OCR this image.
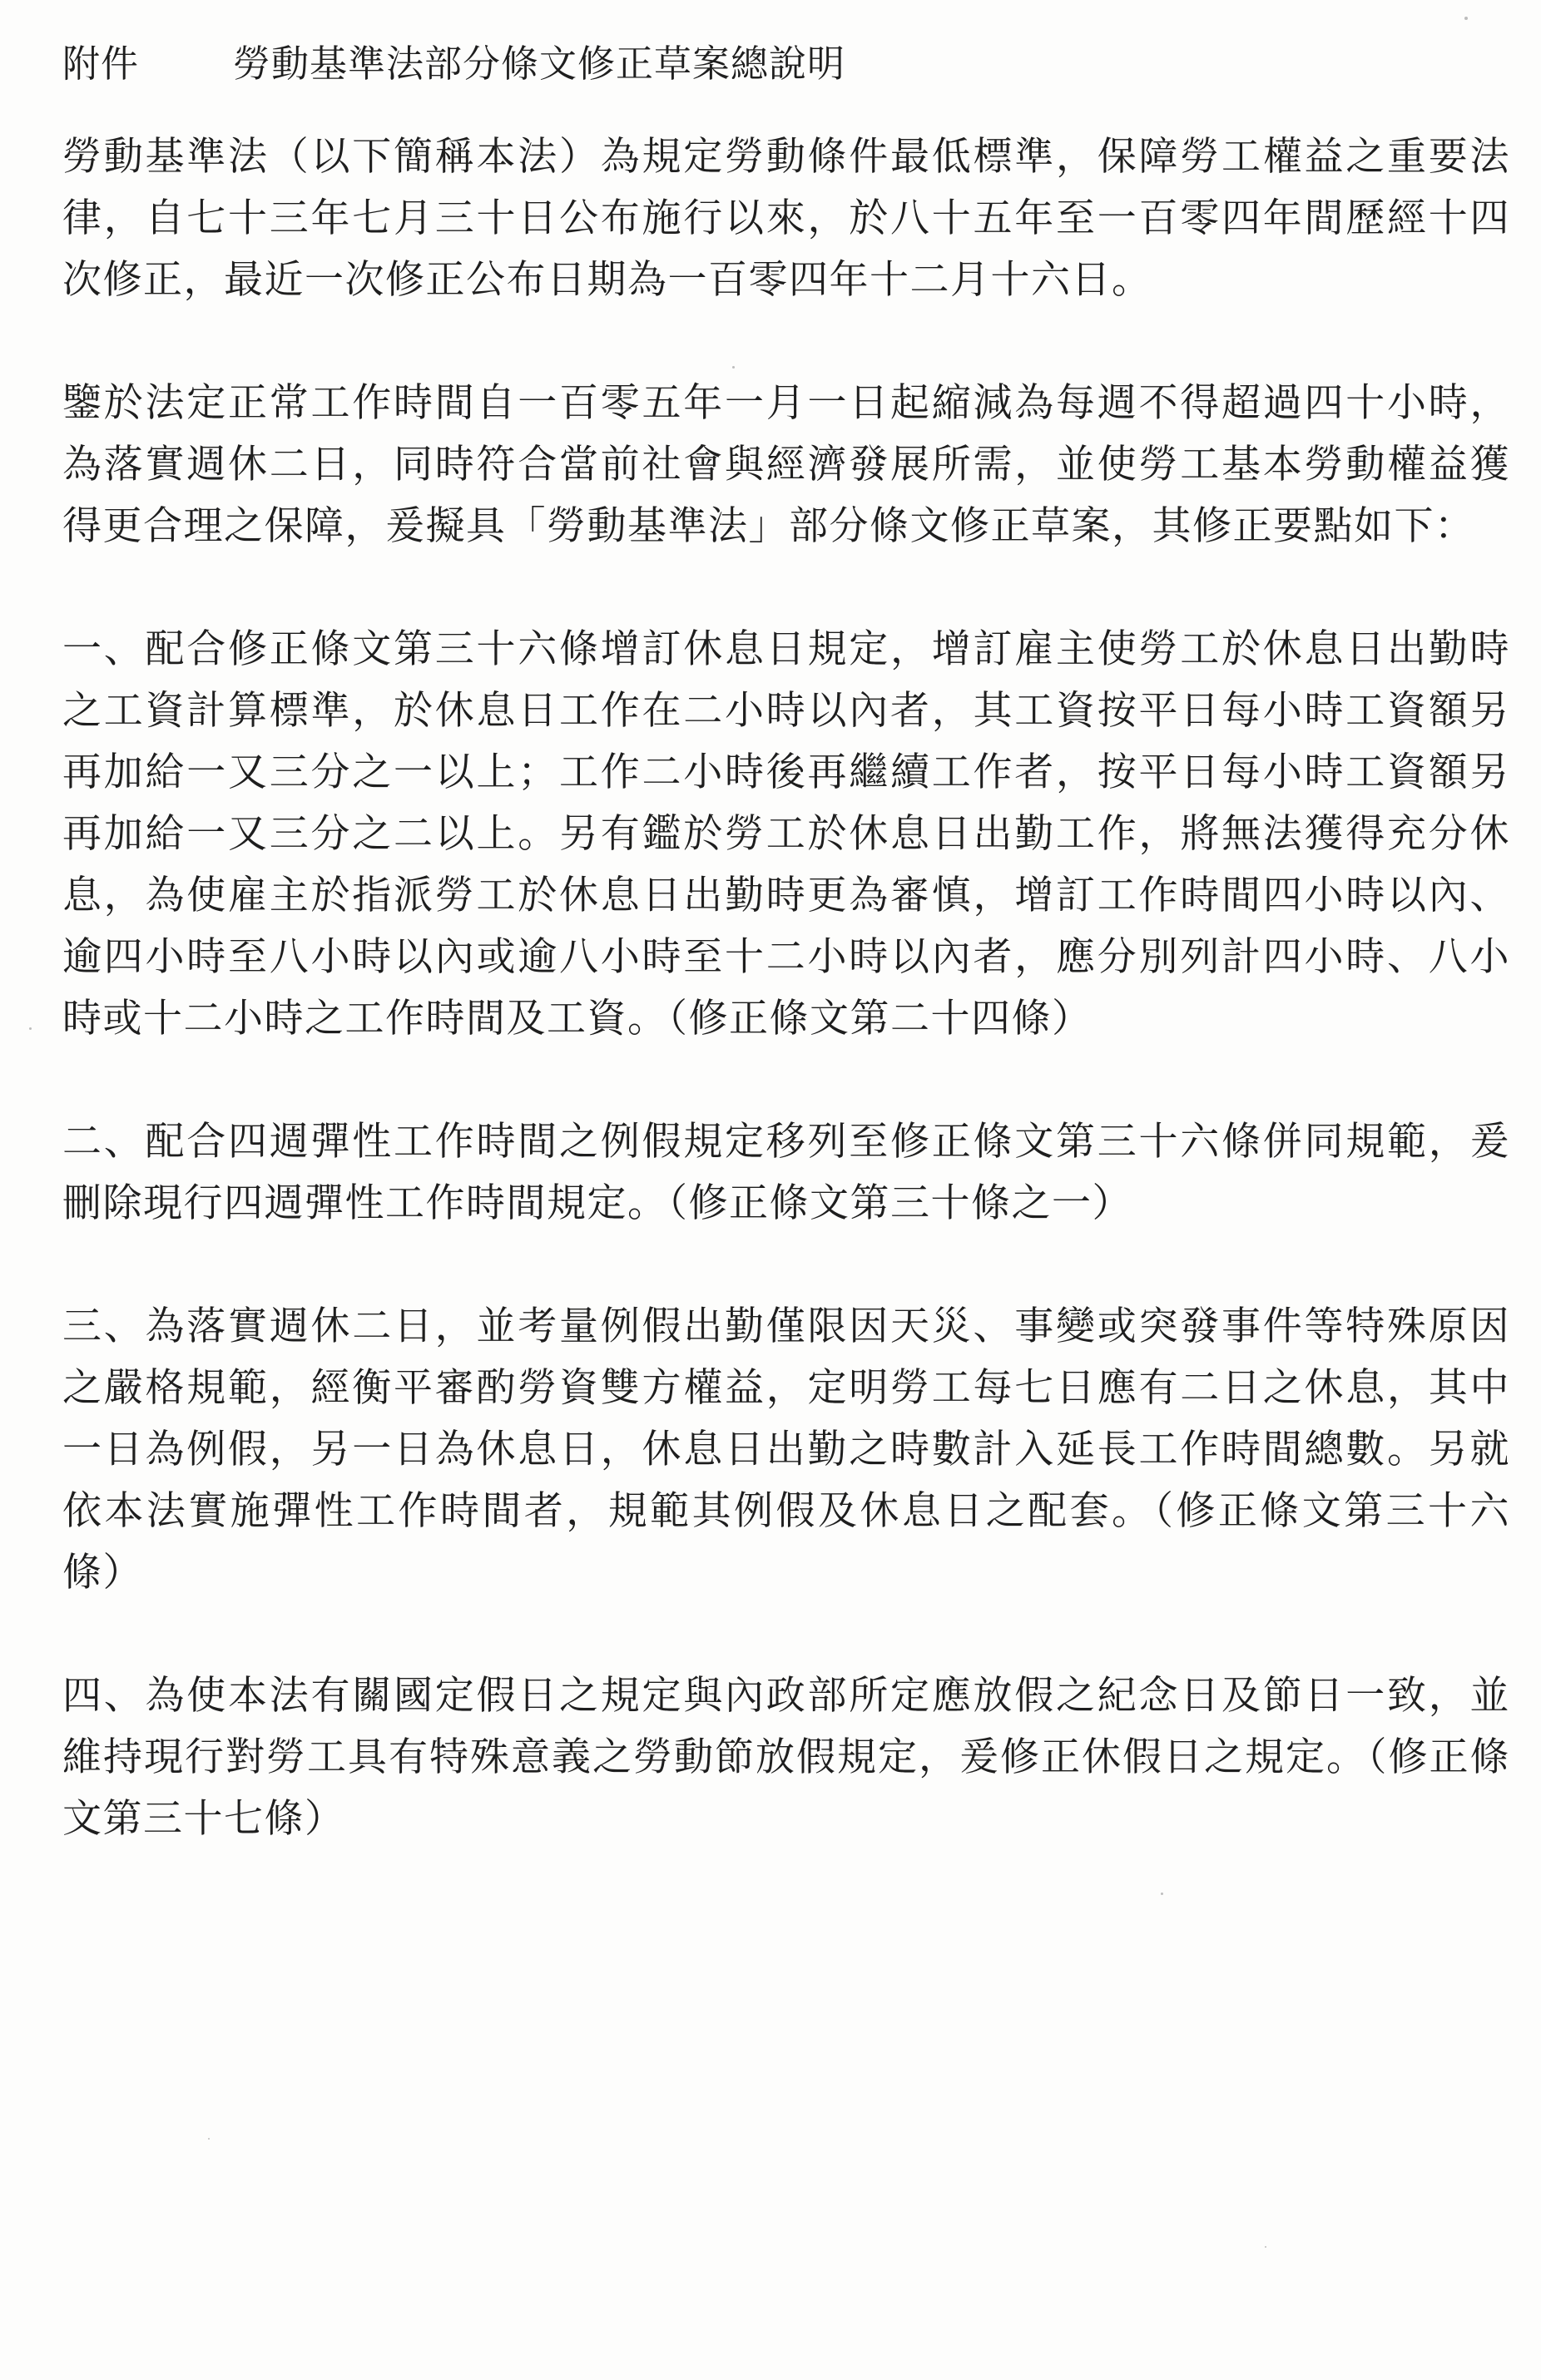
附件	勞動基準法部分條文修正草案總說明

勞動基準法（以下簡稱本法）為規定勞動條件最低標準，保障勞工權益之重要法律，自七十三年七月三十日公布施行以來，於八十五年至一百零四年間歷經十四次修正，最近一次修正公布日期為一百零四年十二月十六日。

鑒於法定正常工作時間自一百零五年一月一日起縮減為每週不得超過四十小時，為落實週休二日，同時符合當前社會與經濟發展所需，並使勞工基本勞動權益獲得更合理之保障，爰擬具「勞動基準法」部分條文修正草案，其修正要點如下：

一、配合修正條文第三十六條增訂休息日規定，增訂雇主使勞工於休息日出勤時之工資計算標準，於休息日工作在二小時以內者，其工資按平日每小時工資額另再加給一又三分之一以上；工作二小時後再繼續工作者，按平日每小時工資額另再加給一又三分之二以上。另有鑑於勞工於休息日出勤工作，將無法獲得充分休息，為使雇主於指派勞工於休息日出勤時更為審慎，增訂工作時間四小時以內、逾四小時至八小時以內或逾八小時至十二小時以內者，應分別列計四小時、八小時或十二小時之工作時間及工資。（修正條文第二十四條）

二、配合四週彈性工作時間之例假規定移列至修正條文第三十六條併同規範，爰刪除現行四週彈性工作時間規定。（修正條文第三十條之一）

三、為落實週休二日，並考量例假出勤僅限因天災、事變或突發事件等特殊原因之嚴格規範，經衡平審酌勞資雙方權益，定明勞工每七日應有二日之休息，其中一日為例假，另一日為休息日，休息日出勤之時數計入延長工作時間總數。另就依本法實施彈性工作時間者，規範其例假及休息日之配套。（修正條文第三十六條）

四、為使本法有關國定假日之規定與內政部所定應放假之紀念日及節日一致，並維持現行對勞工具有特殊意義之勞動節放假規定，爰修正休假日之規定。（修正條文第三十七條）
